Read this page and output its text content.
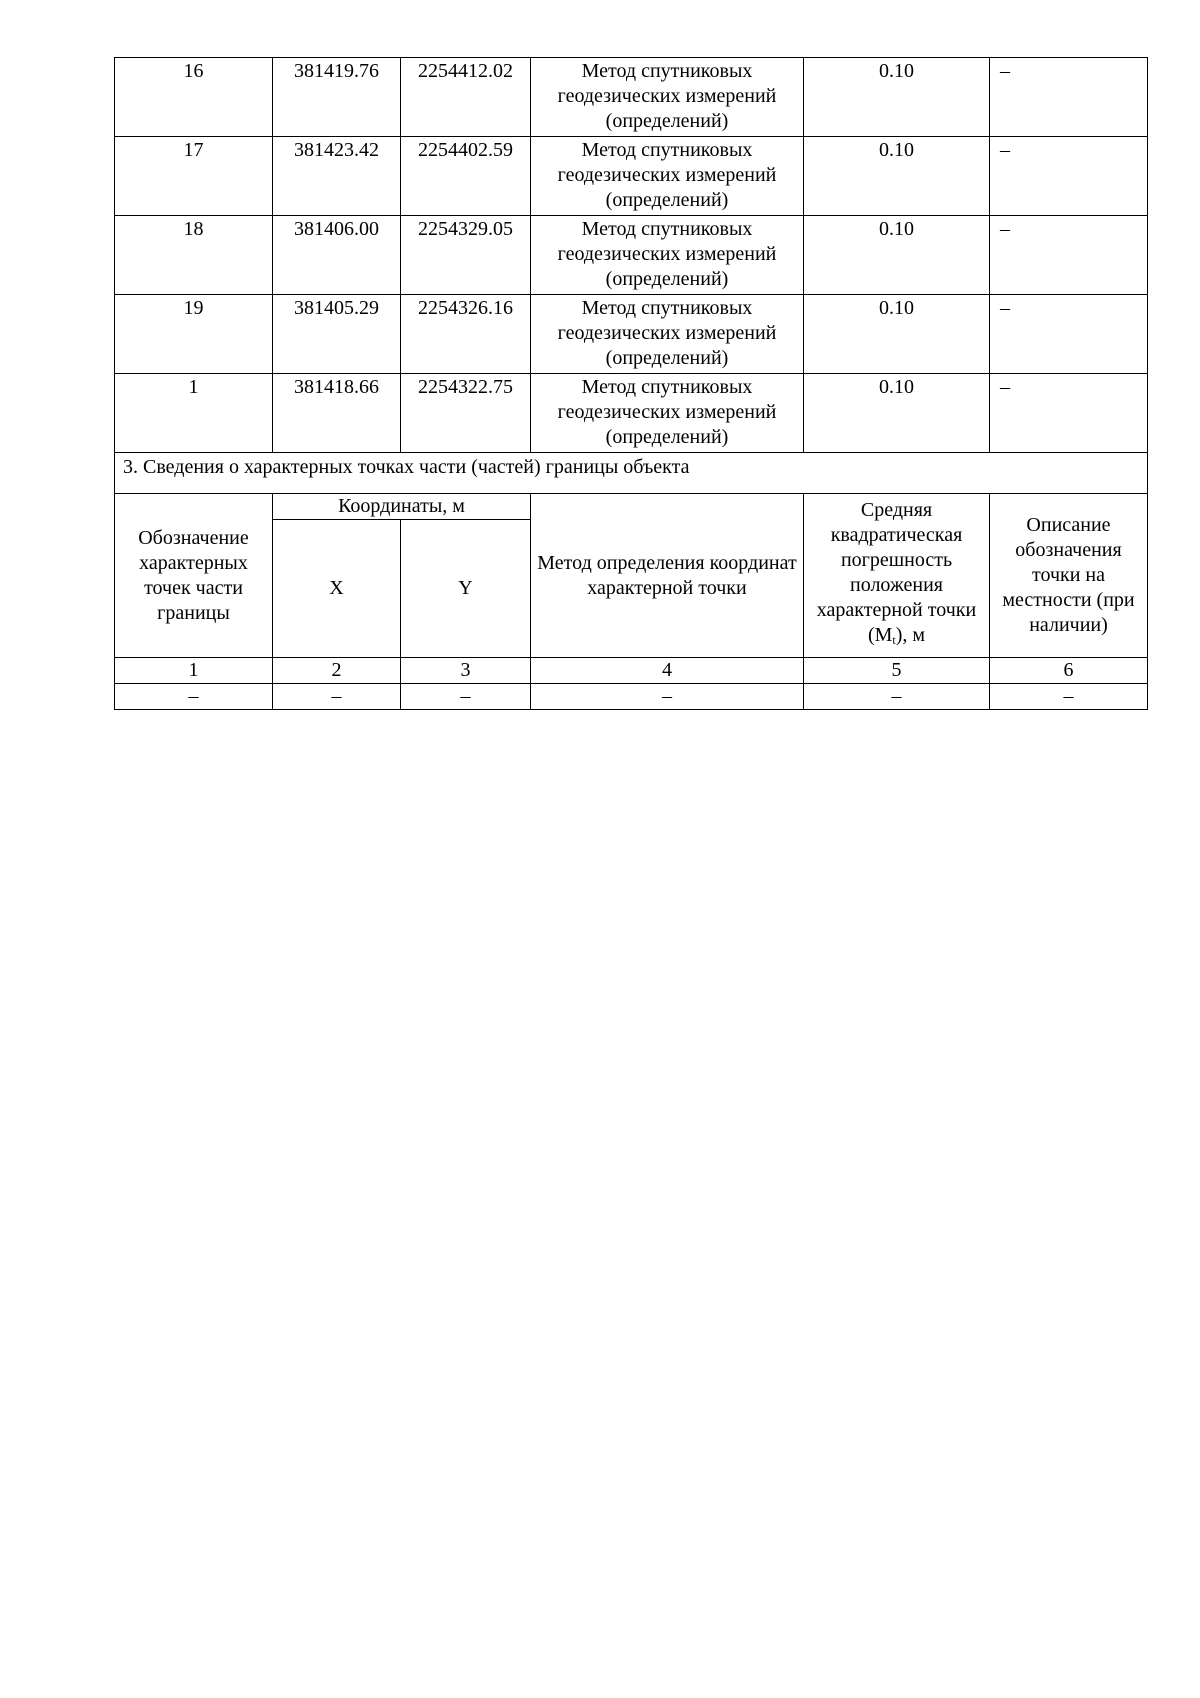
16	381419.76	2254412.02	Метод спутниковых геодезических измерений (определений)	0.10	–
17	381423.42	2254402.59	Метод спутниковых геодезических измерений (определений)	0.10	–
18	381406.00	2254329.05	Метод спутниковых геодезических измерений (определений)	0.10	–
19	381405.29	2254326.16	Метод спутниковых геодезических измерений (определений)	0.10	–
1	381418.66	2254322.75	Метод спутниковых геодезических измерений (определений)	0.10	–
3. Сведения о характерных точках части (частей) границы объекта					
Обозначение характерных точек части границы	Координаты, м		Метод определения координат характерной точки	Средняя квадратическая погрешность положения характерной точки $(M_t)$, м	Описание обозначения точки на местности (при наличии)
	X	Y			
1	2	3	4	5	6
–	–	–	–	–	–
